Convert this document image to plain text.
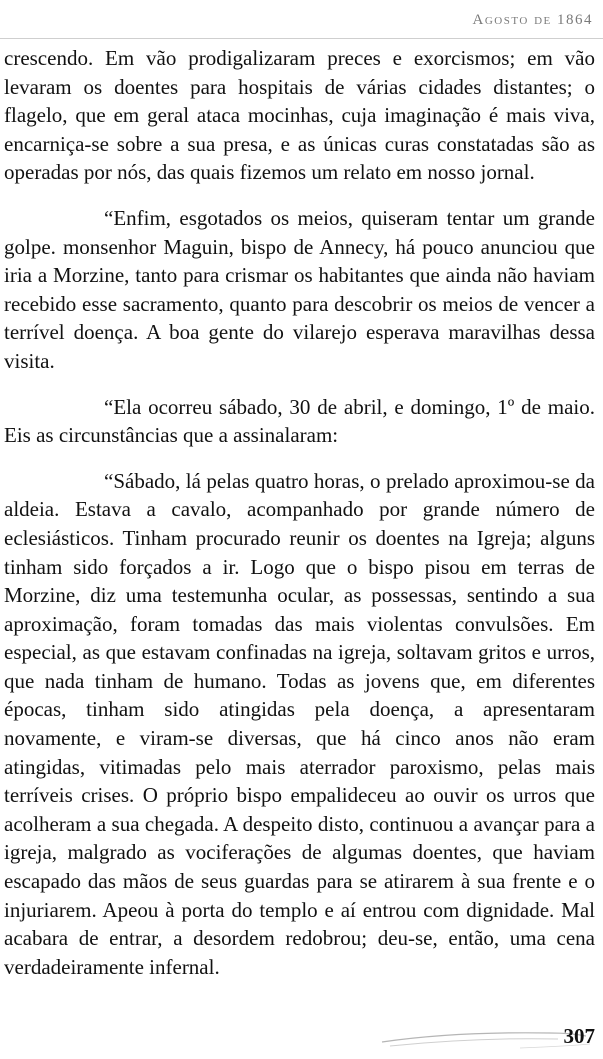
Agosto de 1864

crescendo. Em vão prodigalizaram preces e exorcismos; em vão levaram os doentes para hospitais de várias cidades distantes; o flagelo, que em geral ataca mocinhas, cuja imaginação é mais viva, encarniça-se sobre a sua presa, e as únicas curas constatadas são as operadas por nós, das quais fizemos um relato em nosso jornal.

“Enfim, esgotados os meios, quiseram tentar um grande golpe. monsenhor Maguin, bispo de Annecy, há pouco anunciou que iria a Morzine, tanto para crismar os habitantes que ainda não haviam recebido esse sacramento, quanto para descobrir os meios de vencer a terrível doença. A boa gente do vilarejo esperava maravilhas dessa visita.

“Ela ocorreu sábado, 30 de abril, e domingo, 1º de maio. Eis as circunstâncias que a assinalaram:

“Sábado, lá pelas quatro horas, o prelado aproximou-se da aldeia. Estava a cavalo, acompanhado por grande número de eclesiásticos. Tinham procurado reunir os doentes na Igreja; alguns tinham sido forçados a ir. Logo que o bispo pisou em terras de Morzine, diz uma testemunha ocular, as possessas, sentindo a sua aproximação, foram tomadas das mais violentas convulsões. Em especial, as que estavam confinadas na igreja, soltavam gritos e urros, que nada tinham de humano. Todas as jovens que, em diferentes épocas, tinham sido atingidas pela doença, a apresentaram novamente, e viram-se diversas, que há cinco anos não eram atingidas, vitimadas pelo mais aterrador paroxismo, pelas mais terríveis crises. O próprio bispo empalideceu ao ouvir os urros que acolheram a sua chegada. A despeito disto, continuou a avançar para a igreja, malgrado as vociferações de algumas doentes, que haviam escapado das mãos de seus guardas para se atirarem à sua frente e o injuriarem. Apeou à porta do templo e aí entrou com dignidade. Mal acabara de entrar, a desordem redobrou; deu-se, então, uma cena verdadeiramente infernal.

307
